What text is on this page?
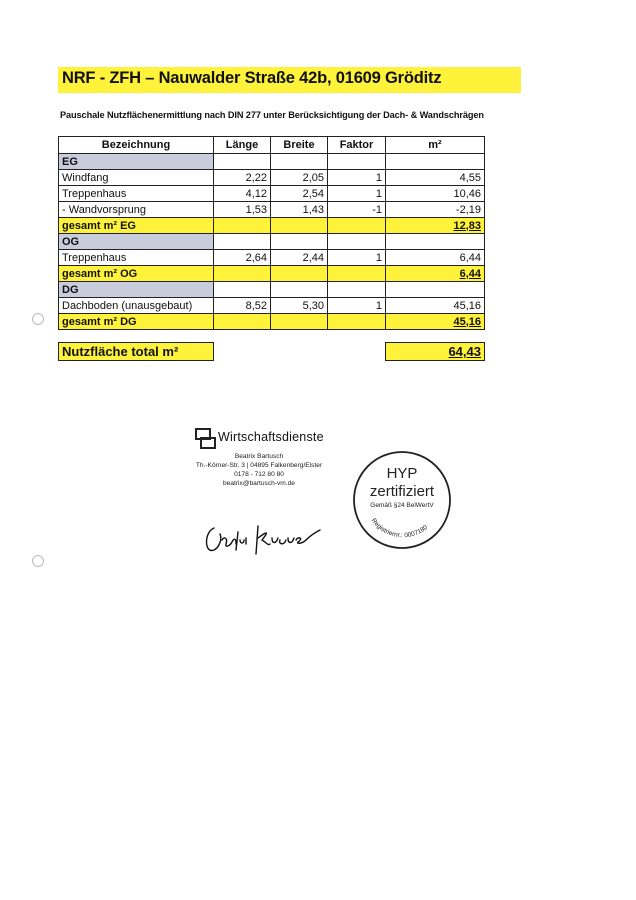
NRF - ZFH – Nauwalder Straße 42b, 01609 Gröditz
Pauschale Nutzflächenermittlung nach DIN 277 unter Berücksichtigung der Dach- & Wandschrägen
Bezeichnung	Länge	Breite	Faktor	m²
EG				
Windfang	2,22	2,05	1	4,55
Treppenhaus	4,12	2,54	1	10,46
- Wandvorsprung	1,53	1,43	-1	-2,19
gesamt m² EG				12,83
OG				
Treppenhaus	2,64	2,44	1	6,44
gesamt m² OG				6,44
DG				
Dachboden (unausgebaut)	8,52	5,30	1	45,16
gesamt m² DG				45,16

Nutzfläche total m²				64,43
Wirtschaftsdienste
Beatrix Bartusch
Th.-Körner-Str. 3 | 04895 Falkenberg/Elster
0178 - 712 80 80
beatrix@bartusch-vm.de
HYP
zertifiziert
Gemäß §24 BelWertV
Registriernr.: 0007180
